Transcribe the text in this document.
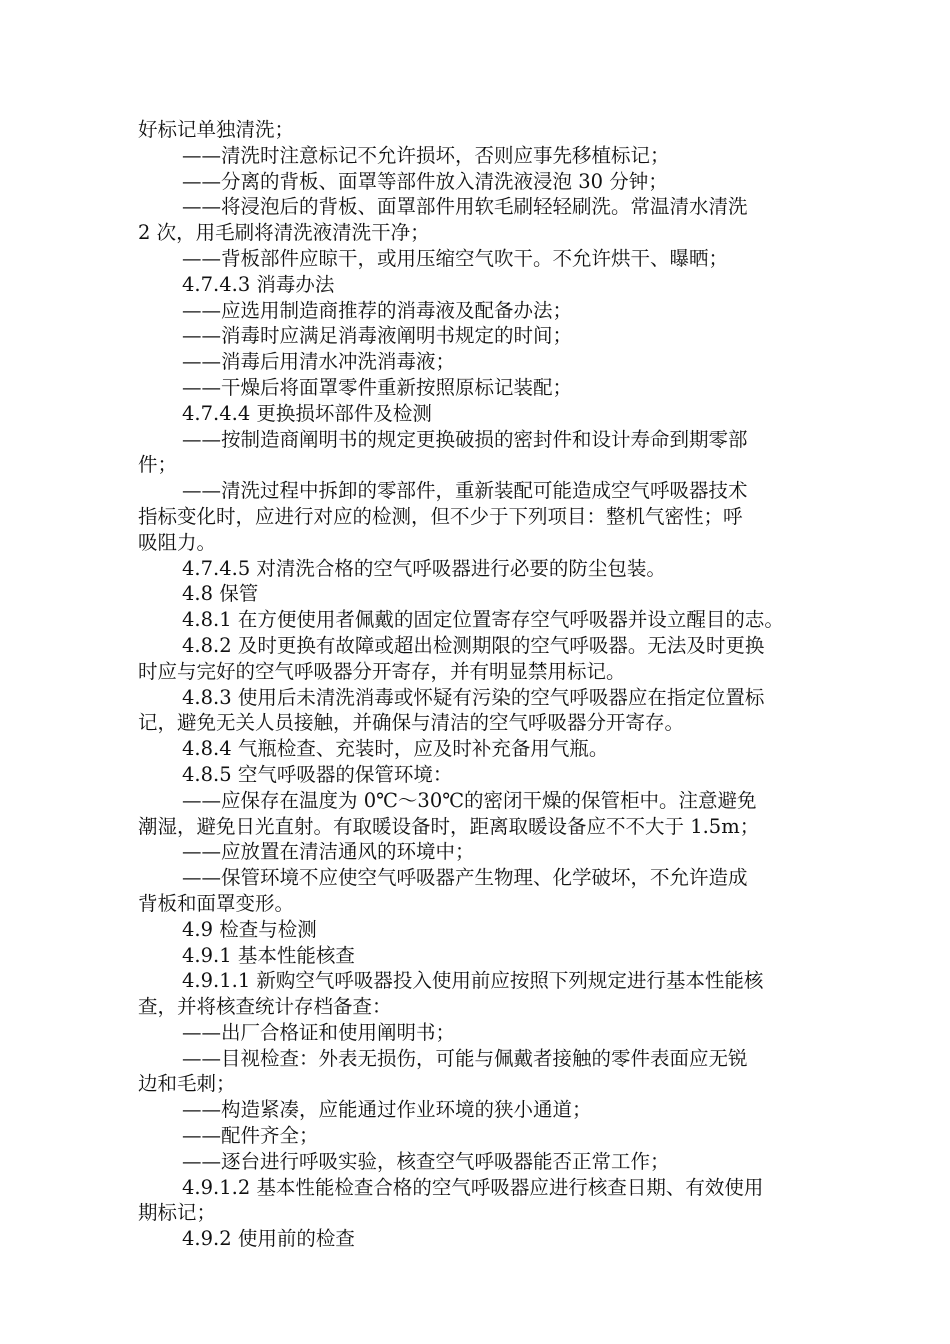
好标记单独清洗；
——清洗时注意标记不允许损坏，否则应事先移植标记；
——分离的背板、面罩等部件放入清洗液浸泡 30 分钟；
——将浸泡后的背板、面罩部件用软毛刷轻轻刷洗。常温清水清洗
2 次，用毛刷将清洗液清洗干净；
——背板部件应晾干，或用压缩空气吹干。不允许烘干、曝晒；
4.7.4.3 消毒办法
——应选用制造商推荐的消毒液及配备办法；
——消毒时应满足消毒液阐明书规定的时间；
——消毒后用清水冲洗消毒液；
——干燥后将面罩零件重新按照原标记装配；
4.7.4.4 更换损坏部件及检测
——按制造商阐明书的规定更换破损的密封件和设计寿命到期零部
件；
——清洗过程中拆卸的零部件，重新装配可能造成空气呼吸器技术
指标变化时，应进行对应的检测，但不少于下列项目：整机气密性；呼
吸阻力。
4.7.4.5 对清洗合格的空气呼吸器进行必要的防尘包装。
4.8 保管
4.8.1 在方便使用者佩戴的固定位置寄存空气呼吸器并设立醒目的志。
4.8.2 及时更换有故障或超出检测期限的空气呼吸器。无法及时更换
时应与完好的空气呼吸器分开寄存，并有明显禁用标记。
4.8.3 使用后未清洗消毒或怀疑有污染的空气呼吸器应在指定位置标
记，避免无关人员接触，并确保与清洁的空气呼吸器分开寄存。
4.8.4 气瓶检查、充装时，应及时补充备用气瓶。
4.8.5 空气呼吸器的保管环境：
——应保存在温度为 0℃～30℃的密闭干燥的保管柜中。注意避免
潮湿，避免日光直射。有取暖设备时，距离取暖设备应不不大于 1.5m；
——应放置在清洁通风的环境中；
——保管环境不应使空气呼吸器产生物理、化学破坏，不允许造成
背板和面罩变形。
4.9 检查与检测
4.9.1 基本性能核查
4.9.1.1 新购空气呼吸器投入使用前应按照下列规定进行基本性能核
查，并将核查统计存档备查：
——出厂合格证和使用阐明书；
——目视检查：外表无损伤，可能与佩戴者接触的零件表面应无锐
边和毛刺；
——构造紧凑，应能通过作业环境的狭小通道；
——配件齐全；
——逐台进行呼吸实验，核查空气呼吸器能否正常工作；
4.9.1.2 基本性能检查合格的空气呼吸器应进行核查日期、有效使用
期标记；
4.9.2 使用前的检查
